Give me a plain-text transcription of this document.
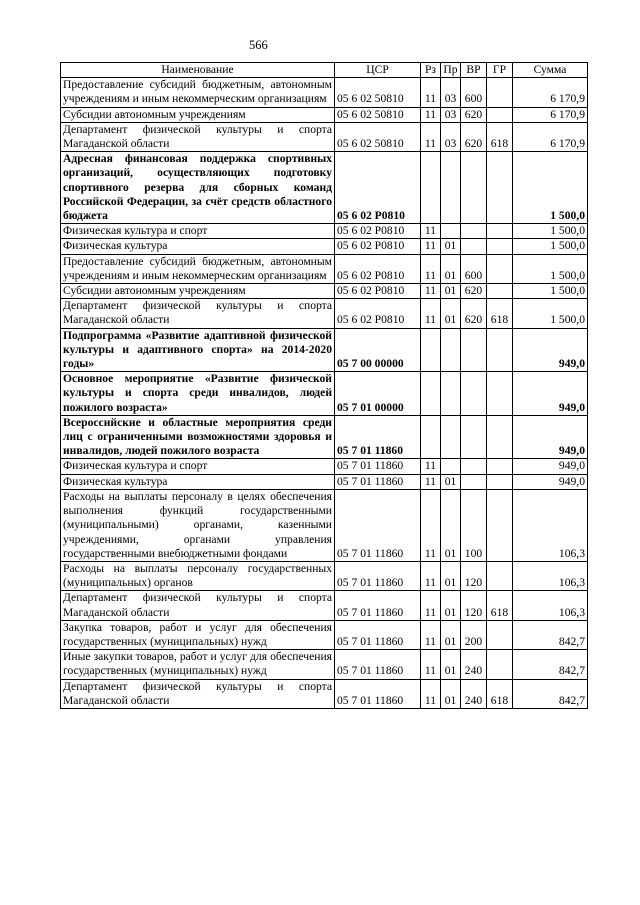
566
Наименование	ЦСР	Рз	Пр	ВР	ГР	Сумма
Предоставление субсидий бюджетным, автономным учреждениям и иным некоммерческим организациям	05 6 02 50810	11	03	600		6 170,9
Субсидии автономным учреждениям	05 6 02 50810	11	03	620		6 170,9
Департамент физической культуры и спорта Магаданской области	05 6 02 50810	11	03	620	618	6 170,9
Адресная финансовая поддержка спортивных организаций, осуществляющих подготовку спортивного резерва для сборных команд Российской Федерации, за счёт средств областного бюджета	05 6 02 Р0810					1 500,0
Физическая культура и спорт	05 6 02 Р0810	11				1 500,0
Физическая культура	05 6 02 Р0810	11	01			1 500,0
Предоставление субсидий бюджетным, автономным учреждениям и иным некоммерческим организациям	05 6 02 Р0810	11	01	600		1 500,0
Субсидии автономным учреждениям	05 6 02 Р0810	11	01	620		1 500,0
Департамент физической культуры и спорта Магаданской области	05 6 02 Р0810	11	01	620	618	1 500,0
Подпрограмма «Развитие адаптивной физической культуры и адаптивного спорта» на 2014-2020 годы»	05 7 00 00000					949,0
Основное мероприятие «Развитие физической культуры и спорта среди инвалидов, людей пожилого возраста»	05 7 01 00000					949,0
Всероссийские и областные мероприятия среди лиц с ограниченными возможностями здоровья и инвалидов, людей пожилого возраста	05 7 01 11860					949,0
Физическая культура и спорт	05 7 01 11860	11				949,0
Физическая культура	05 7 01 11860	11	01			949,0
Расходы на выплаты персоналу в целях обеспечения выполнения функций государственными (муниципальными) органами, казенными учреждениями, органами управления государственными внебюджетными фондами	05 7 01 11860	11	01	100		106,3
Расходы на выплаты персоналу государственных (муниципальных) органов	05 7 01 11860	11	01	120		106,3
Департамент физической культуры и спорта Магаданской области	05 7 01 11860	11	01	120	618	106,3
Закупка товаров, работ и услуг для обеспечения государственных (муниципальных) нужд	05 7 01 11860	11	01	200		842,7
Иные закупки товаров, работ и услуг для обеспечения государственных (муниципальных) нужд	05 7 01 11860	11	01	240		842,7
Департамент физической культуры и спорта Магаданской области	05 7 01 11860	11	01	240	618	842,7
